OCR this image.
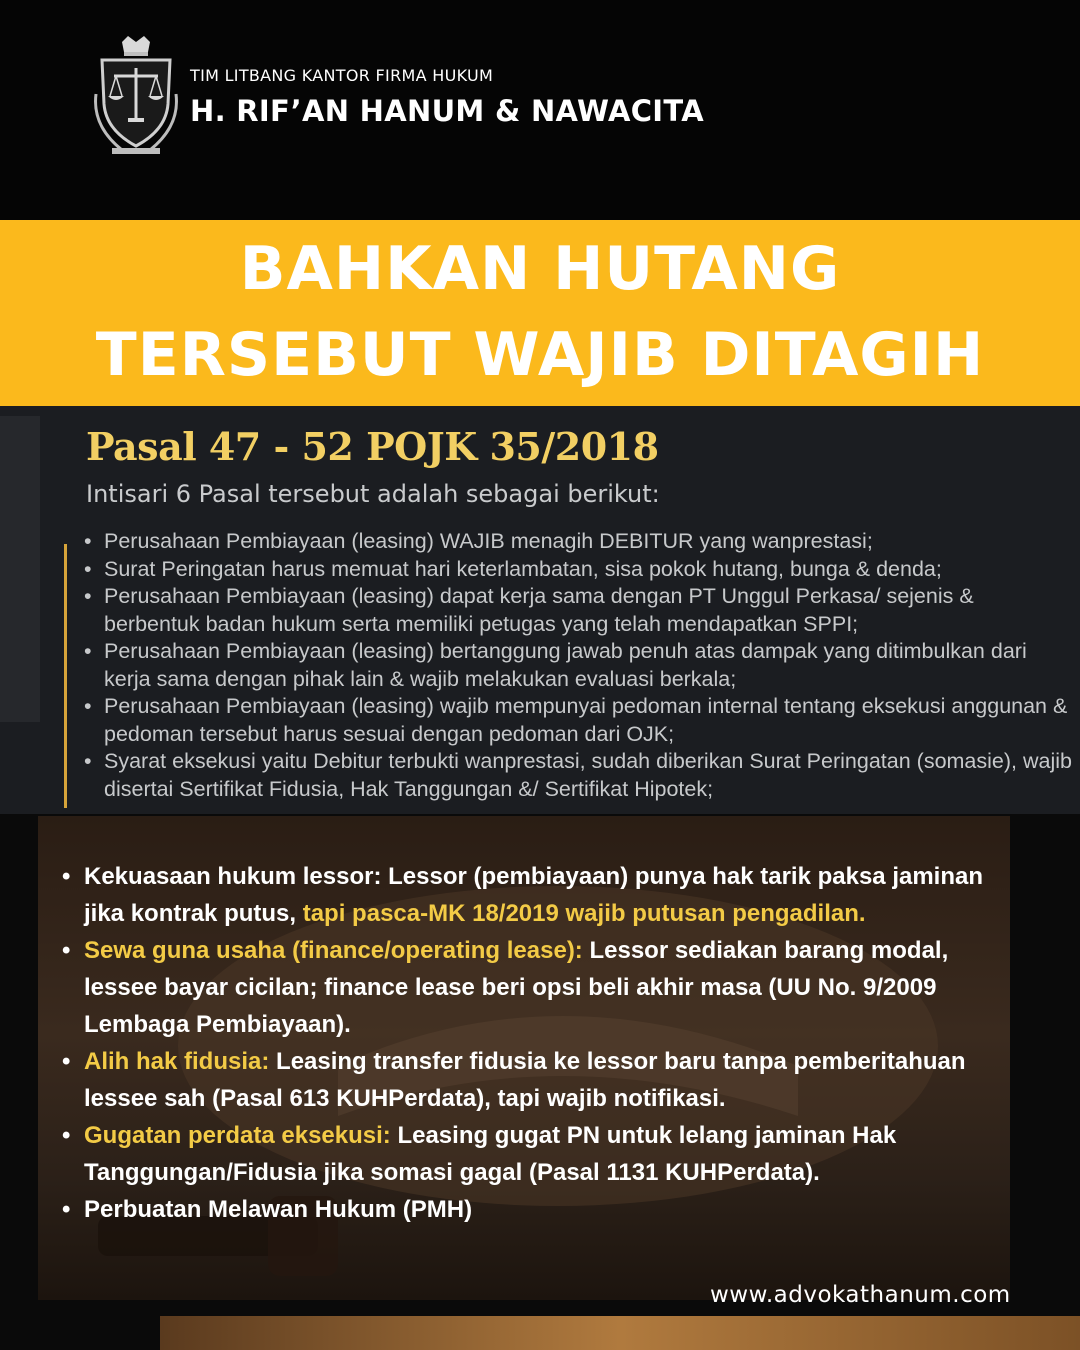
TIM LITBANG KANTOR FIRMA HUKUM
H. RIF’AN HANUM & NAWACITA
BAHKAN HUTANG
TERSEBUT WAJIB DITAGIH
Pasal 47 - 52 POJK 35/2018
Intisari 6 Pasal tersebut adalah sebagai berikut:
• Perusahaan Pembiayaan (leasing) WAJIB menagih DEBITUR yang wanprestasi;
• Surat Peringatan harus memuat hari keterlambatan, sisa pokok hutang, bunga & denda;
• Perusahaan Pembiayaan (leasing) dapat kerja sama dengan PT Unggul Perkasa/ sejenis & berbentuk badan hukum serta memiliki petugas yang telah mendapatkan SPPI;
• Perusahaan Pembiayaan (leasing) bertanggung jawab penuh atas dampak yang ditimbulkan dari kerja sama dengan pihak lain & wajib melakukan evaluasi berkala;
• Perusahaan Pembiayaan (leasing) wajib mempunyai pedoman internal tentang eksekusi anggunan & pedoman tersebut harus sesuai dengan pedoman dari OJK;
• Syarat eksekusi yaitu Debitur terbukti wanprestasi, sudah diberikan Surat Peringatan (somasie), wajib disertai Sertifikat Fidusia, Hak Tanggungan &/ Sertifikat Hipotek;
• Kekuasaan hukum lessor: Lessor (pembiayaan) punya hak tarik paksa jaminan jika kontrak putus, tapi pasca-MK 18/2019 wajib putusan pengadilan.
• Sewa guna usaha (finance/operating lease): Lessor sediakan barang modal, lessee bayar cicilan; finance lease beri opsi beli akhir masa (UU No. 9/2009 Lembaga Pembiayaan).
• Alih hak fidusia: Leasing transfer fidusia ke lessor baru tanpa pemberitahuan lessee sah (Pasal 613 KUHPerdata), tapi wajib notifikasi.
• Gugatan perdata eksekusi: Leasing gugat PN untuk lelang jaminan Hak Tanggungan/Fidusia jika somasi gagal (Pasal 1131 KUHPerdata).
• Perbuatan Melawan Hukum (PMH)
www.advokathanum.com
